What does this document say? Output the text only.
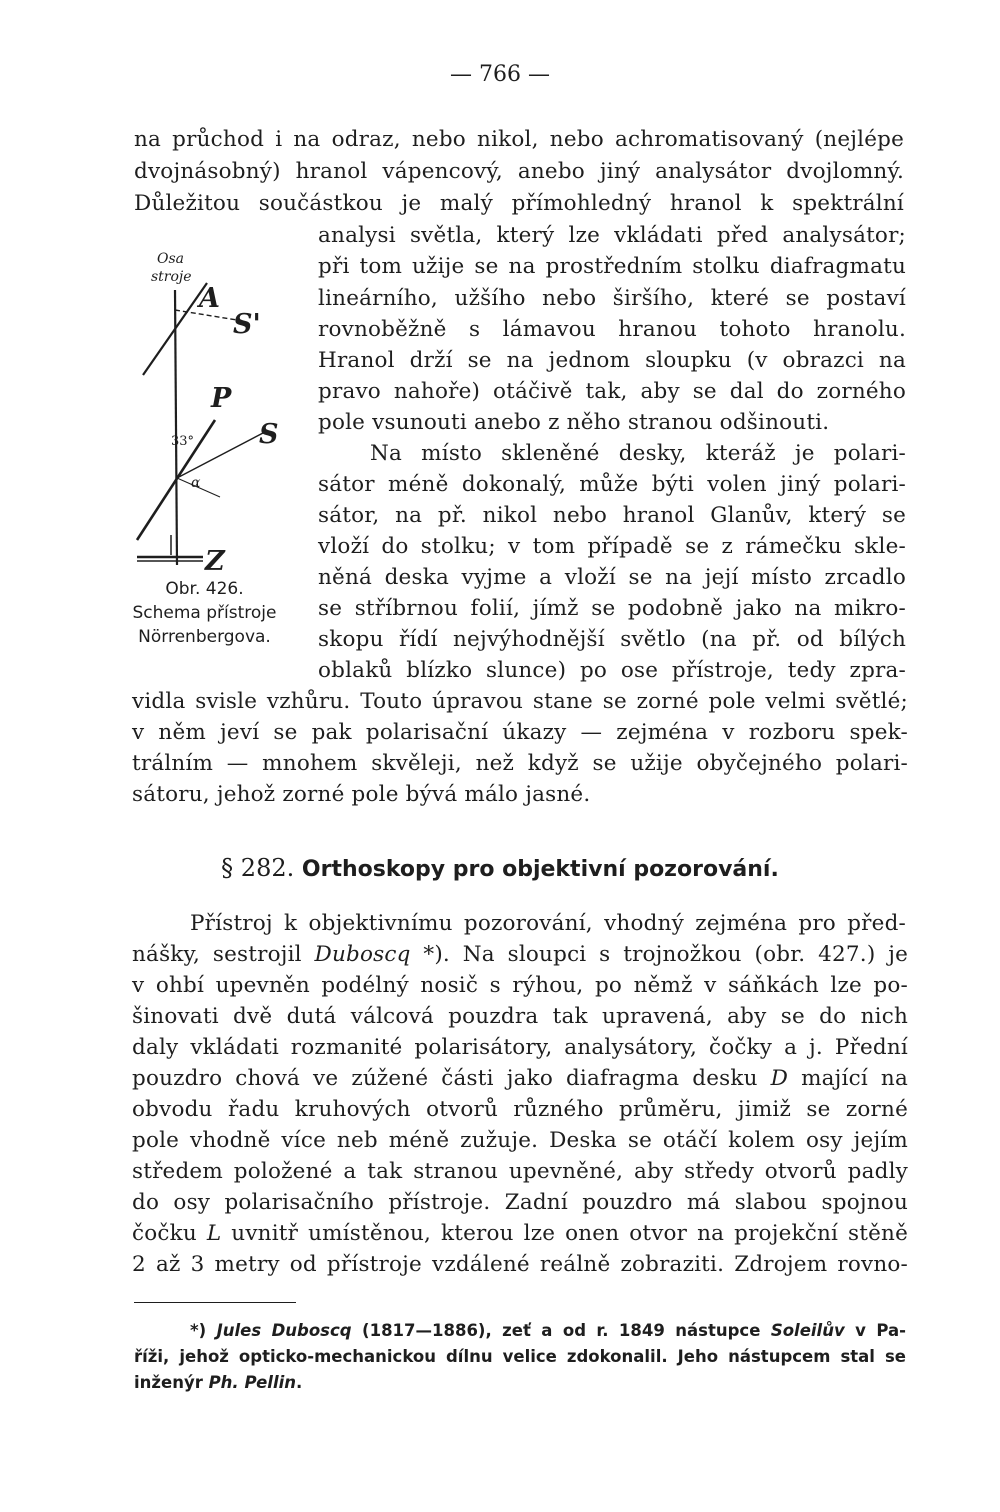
— 766 —
na průchod i na odraz, nebo nikol, nebo achromatisovaný (nejlépe
dvojnásobný) hranol vápencový, anebo jiný analysátor dvojlomný.
Důležitou součástkou je malý přímohledný hranol k spektrální
analysi světla, který lze vkládati před analysátor;
při tom užije se na prostředním stolku diafragmatu
lineárního, užšího nebo širšího, které se postaví
rovnoběžně s lámavou hranou tohoto hranolu.
Hranol drží se na jednom sloupku (v obrazci na
pravo nahoře) otáčivě tak, aby se dal do zorného
pole vsunouti anebo z něho stranou odšinouti.
Na místo skleněné desky, kteráž je polari-
sátor méně dokonalý, může býti volen jiný polari-
sátor, na př. nikol nebo hranol Glanův, který se
vloží do stolku; v tom případě se z rámečku skle-
něná deska vyjme a vloží se na její místo zrcadlo
se stříbrnou folií, jímž se podobně jako na mikro-
skopu řídí nejvýhodnější světlo (na př. od bílých
oblaků blízko slunce) po ose přístroje, tedy zpra-
vidla svisle vzhůru. Touto úpravou stane se zorné pole velmi světlé;
v něm jeví se pak polarisační úkazy — zejména v rozboru spek-
trálním — mnohem skvěleji, než když se užije obyčejného polari-
sátoru, jehož zorné pole bývá málo jasné.
Osa
stroje
A
S'
P
S
33°
α
Z
Obr. 426.
Schema přístroje
Nörrenbergova.
§ 282. Orthoskopy pro objektivní pozorování.
Přístroj k objektivnímu pozorování, vhodný zejména pro před-
nášky, sestrojil Duboscq *). Na sloupci s trojnožkou (obr. 427.) je
v ohbí upevněn podélný nosič s rýhou, po němž v sáňkách lze po-
šinovati dvě dutá válcová pouzdra tak upravená, aby se do nich
daly vkládati rozmanité polarisátory, analysátory, čočky a j. Přední
pouzdro chová ve zúžené části jako diafragma desku D mající na
obvodu řadu kruhových otvorů různého průměru, jimiž se zorné
pole vhodně více neb méně zužuje. Deska se otáčí kolem osy jejím
středem položené a tak stranou upevněné, aby středy otvorů padly
do osy polarisačního přístroje. Zadní pouzdro má slabou spojnou
čočku L uvnitř umístěnou, kterou lze onen otvor na projekční stěně
2 až 3 metry od přístroje vzdálené reálně zobraziti. Zdrojem rovno-
*) Jules Duboscq (1817—1886), zeť a od r. 1849 nástupce Soleilův v Pa-
říži, jehož opticko-mechanickou dílnu velice zdokonalil. Jeho nástupcem stal se
inženýr Ph. Pellin.
